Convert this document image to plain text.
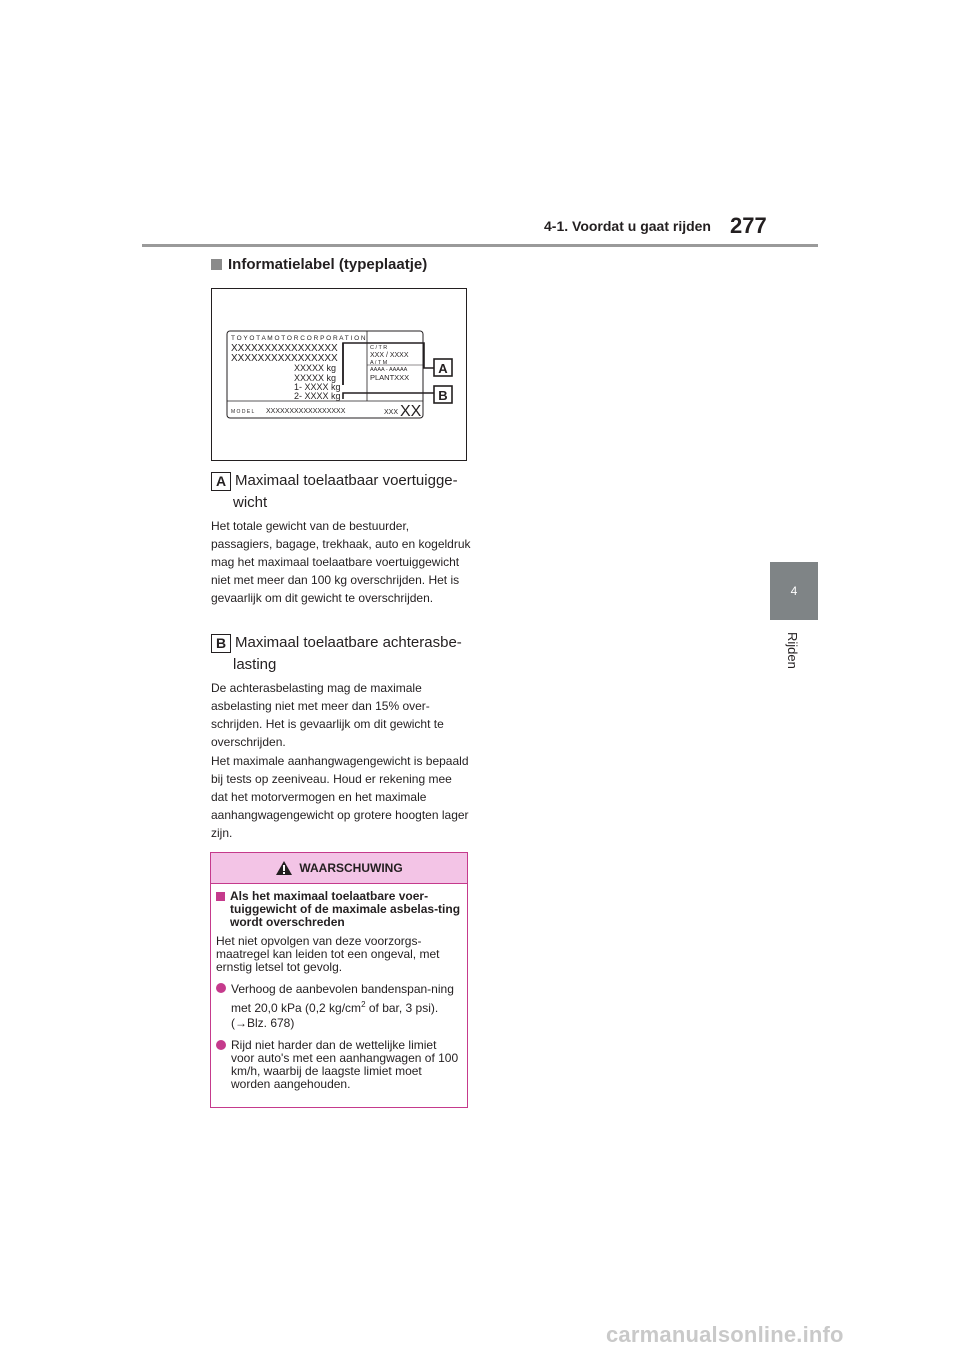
4-1. Voordat u gaat rijden 277
4
Rijden
Informatielabel (typeplaatje)
T O Y O T A M O T O R C O R P O R A T I O N
XXXXXXXXXXXXXXXX
XXXXXXXXXXXXXXXX
XXXXX kg
XXXXX kg
1- XXXX kg
2- XXXX kg
C / T R
XXX / XXXX
A / T M
AAAA - AAAAA
PLANTXXX
M O D E L XXXXXXXXXXXXXXXXX	XXX XX
A
B
A Maximaal toelaatbaar voertuigge-
wicht
Het totale gewicht van de bestuurder, passagiers, bagage, trekhaak, auto en kogeldruk mag het maximaal toelaatbare voertuiggewicht niet met meer dan 100 kg overschrijden. Het is gevaarlijk om dit gewicht te overschrijden.
B Maximaal toelaatbare achterasbe-
lasting
De achterasbelasting mag de maximale asbelasting niet met meer dan 15% over-schrijden. Het is gevaarlijk om dit gewicht te overschrijden.
Het maximale aanhangwagengewicht is bepaald bij tests op zeeniveau. Houd er rekening mee dat het motorvermogen en het maximale aanhangwagengewicht op grotere hoogten lager zijn.
WAARSCHUWING
Als het maximaal toelaatbare voer-tuiggewicht of de maximale asbelas-ting wordt overschreden
Het niet opvolgen van deze voorzorgs-maatregel kan leiden tot een ongeval, met ernstig letsel tot gevolg.
Verhoog de aanbevolen bandenspan-ning met 20,0 kPa (0,2 $kg/cm^2$ of bar, 3 psi). (→Blz. 678)
Rijd niet harder dan de wettelijke limiet voor auto's met een aanhangwagen of 100 km/h, waarbij de laagste limiet moet worden aangehouden.
carmanualsonline.info
